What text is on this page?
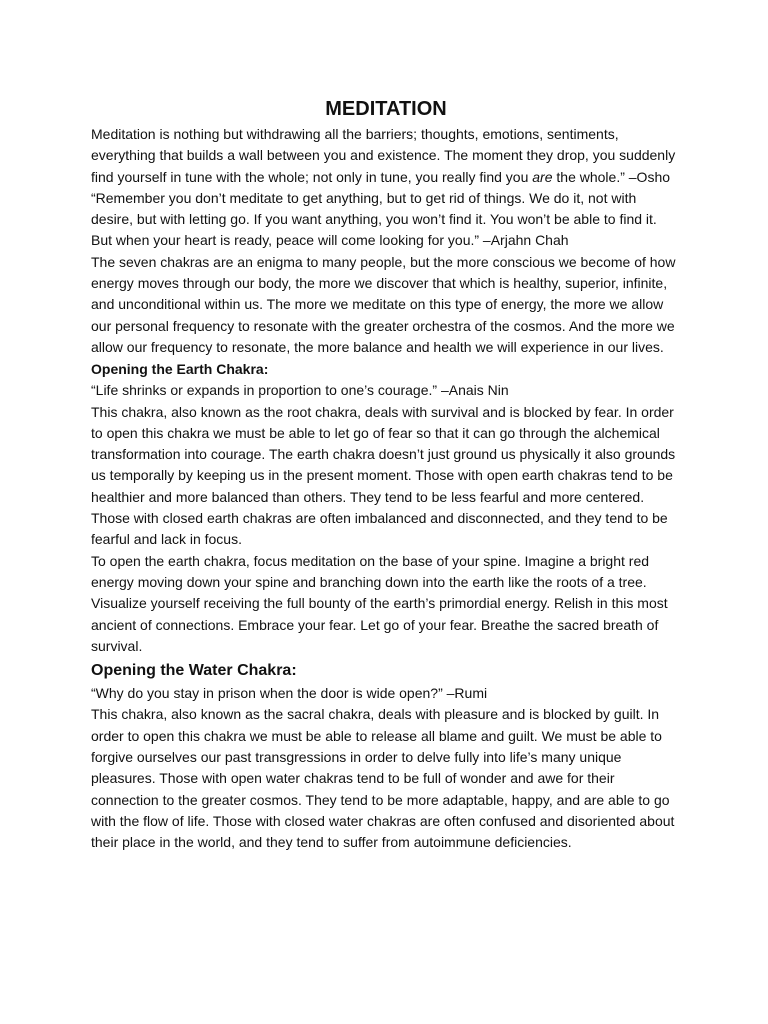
MEDITATION

Meditation is nothing but withdrawing all the barriers; thoughts, emotions, sentiments, everything that builds a wall between you and existence. The moment they drop, you suddenly find yourself in tune with the whole; not only in tune, you really find you are the whole.” –Osho

“Remember you don’t meditate to get anything, but to get rid of things. We do it, not with desire, but with letting go. If you want anything, you won’t find it. You won’t be able to find it. But when your heart is ready, peace will come looking for you.” –Arjahn Chah

The seven chakras are an enigma to many people, but the more conscious we become of how energy moves through our body, the more we discover that which is healthy, superior, infinite, and unconditional within us. The more we meditate on this type of energy, the more we allow our personal frequency to resonate with the greater orchestra of the cosmos. And the more we allow our frequency to resonate, the more balance and health we will experience in our lives.

Opening the Earth Chakra:

“Life shrinks or expands in proportion to one’s courage.” –Anais Nin

This chakra, also known as the root chakra, deals with survival and is blocked by fear. In order to open this chakra we must be able to let go of fear so that it can go through the alchemical transformation into courage. The earth chakra doesn’t just ground us physically it also grounds us temporally by keeping us in the present moment. Those with open earth chakras tend to be healthier and more balanced than others. They tend to be less fearful and more centered. Those with closed earth chakras are often imbalanced and disconnected, and they tend to be fearful and lack in focus.

To open the earth chakra, focus meditation on the base of your spine. Imagine a bright red energy moving down your spine and branching down into the earth like the roots of a tree. Visualize yourself receiving the full bounty of the earth’s primordial energy. Relish in this most ancient of connections. Embrace your fear. Let go of your fear. Breathe the sacred breath of survival.

Opening the Water Chakra:

“Why do you stay in prison when the door is wide open?” –Rumi

This chakra, also known as the sacral chakra, deals with pleasure and is blocked by guilt. In order to open this chakra we must be able to release all blame and guilt. We must be able to forgive ourselves our past transgressions in order to delve fully into life’s many unique pleasures. Those with open water chakras tend to be full of wonder and awe for their connection to the greater cosmos. They tend to be more adaptable, happy, and are able to go with the flow of life. Those with closed water chakras are often confused and disoriented about their place in the world, and they tend to suffer from autoimmune deficiencies.
